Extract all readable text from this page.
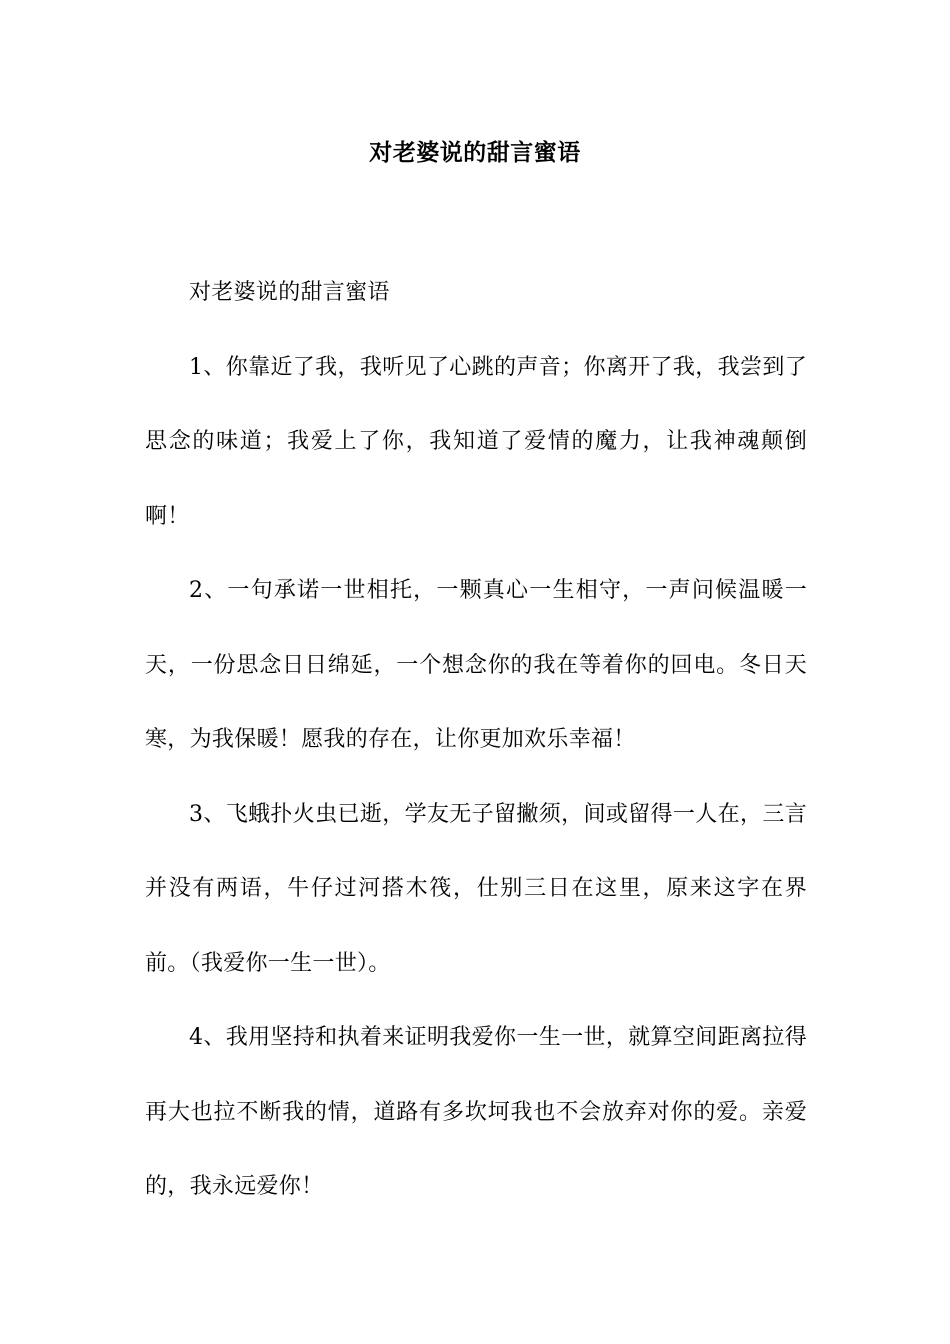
对老婆说的甜言蜜语

对老婆说的甜言蜜语

1、你靠近了我，我听见了心跳的声音；你离开了我，我尝到了思念的味道；我爱上了你，我知道了爱情的魔力，让我神魂颠倒啊！

2、一句承诺一世相托，一颗真心一生相守，一声问候温暖一天，一份思念日日绵延，一个想念你的我在等着你的回电。冬日天寒，为我保暖！愿我的存在，让你更加欢乐幸福！

3、飞蛾扑火虫已逝，学友无子留撇须，间或留得一人在，三言并没有两语，牛仔过河搭木筏，仕别三日在这里，原来这字在界前。（我爱你一生一世）。

4、我用坚持和执着来证明我爱你一生一世，就算空间距离拉得再大也拉不断我的情，道路有多坎坷我也不会放弃对你的爱。亲爱的，我永远爱你！
